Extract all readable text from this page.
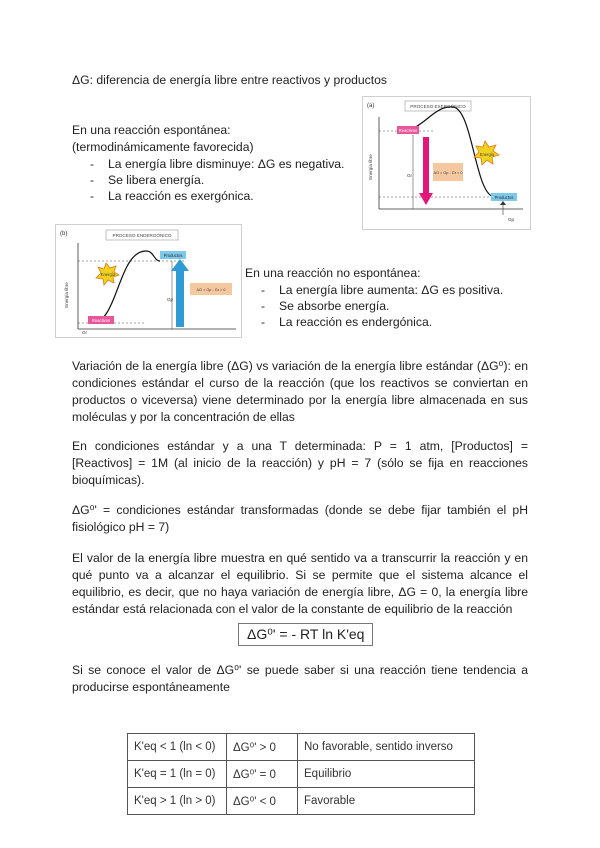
ΔG: diferencia de energía libre entre reactivos y productos
En una reacción espontánea:
(termodinámicamente favorecida)
- La energía libre disminuye: ΔG es negativa.
- Se libera energía.
- La reacción es exergónica.
(a)	PROCESO EXERGÓNICO
Energía libre
Reactivos
Gr	ΔG = Gp - Gr < 0
Energía
Productos
Gp
(b)	PROCESO ENDERGÓNICO
Energía libre
Energía
Reactivos
Productos
Gp
ΔG = Gp - Gr > 0
Gr
En una reacción no espontánea:
- La energía libre aumenta: ΔG es positiva.
- Se absorbe energía.
- La reacción es endergónica.
Variación de la energía libre (ΔG) vs variación de la energía libre estándar (ΔG⁰): en condiciones estándar el curso de la reacción (que los reactivos se conviertan en productos o viceversa) viene determinado por la energía libre almacenada en sus moléculas y por la concentración de ellas
En condiciones estándar y a una T determinada: P = 1 atm, [Productos] = [Reactivos] = 1M (al inicio de la reacción) y pH = 7 (sólo se fija en reacciones bioquímicas).
ΔG⁰' = condiciones estándar transformadas (donde se debe fijar también el pH fisiológico pH = 7)
El valor de la energía libre muestra en qué sentido va a transcurrir la reacción y en qué punto va a alcanzar el equilibrio. Si se permite que el sistema alcance el equilibrio, es decir, que no haya variación de energía libre, ΔG = 0, la energía libre estándar está relacionada con el valor de la constante de equilibrio de la reacción
ΔG⁰' = - RT ln K'eq
Si se conoce el valor de ΔG⁰' se puede saber si una reacción tiene tendencia a producirse espontáneamente
K'eq < 1 (ln < 0)	ΔG⁰' > 0	No favorable, sentido inverso
K'eq = 1 (ln = 0)	ΔG⁰' = 0	Equilibrio
K'eq > 1 (ln > 0)	ΔG⁰' < 0	Favorable
